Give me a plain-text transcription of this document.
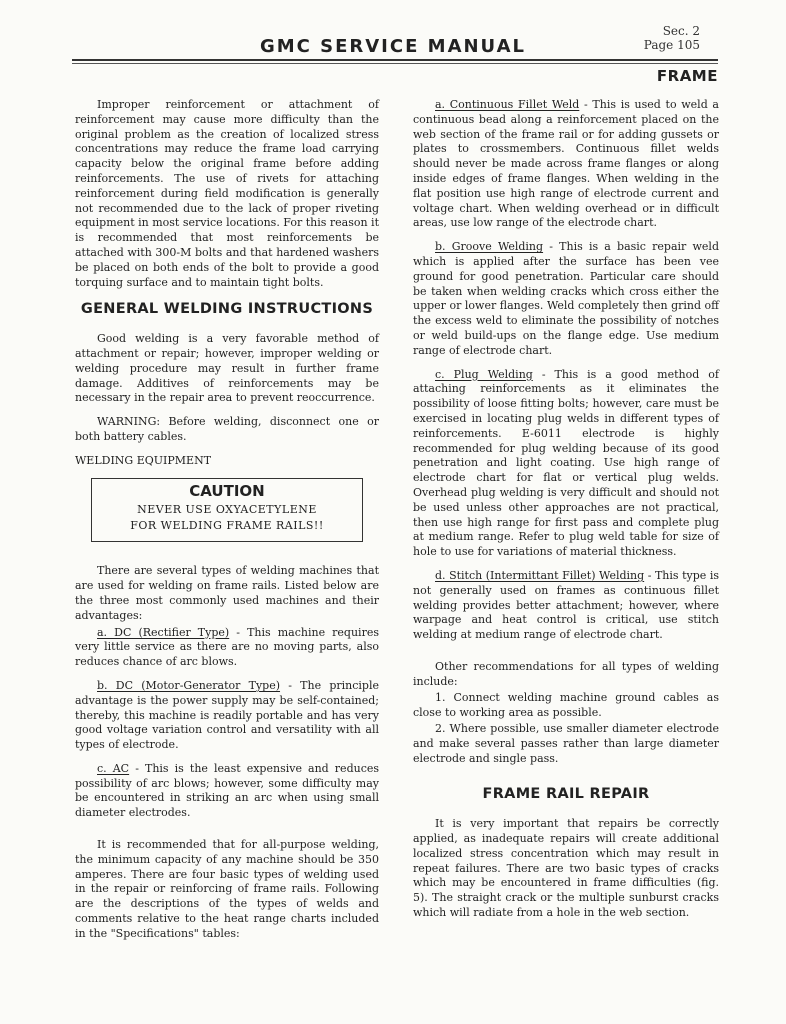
GMC SERVICE MANUAL
Sec. 2
Page 105
FRAME

Improper reinforcement or attachment of reinforcement may cause more difficulty than the original problem as the creation of localized stress concentrations may reduce the frame load carrying capacity below the original frame before adding reinforcements. The use of rivets for attaching reinforcement during field modification is generally not recommended due to the lack of proper riveting equipment in most service locations. For this reason it is recommended that most reinforcements be attached with 300-M bolts and that hardened washers be placed on both ends of the bolt to provide a good torquing surface and to maintain tight bolts.

GENERAL WELDING INSTRUCTIONS

Good welding is a very favorable method of attachment or repair; however, improper welding or welding procedure may result in further frame damage. Additives of reinforcements may be necessary in the repair area to prevent reoccurrence.

WARNING: Before welding, disconnect one or both battery cables.

WELDING EQUIPMENT

CAUTION
NEVER USE OXYACETYLENE
FOR WELDING FRAME RAILS!!

There are several types of welding machines that are used for welding on frame rails. Listed below are the three most commonly used machines and their advantages:

a. DC (Rectifier Type) - This machine requires very little service as there are no moving parts, also reduces chance of arc blows.

b. DC (Motor-Generator Type) - The principle advantage is the power supply may be self-contained; thereby, this machine is readily portable and has very good voltage variation control and versatility with all types of electrode.

c. AC - This is the least expensive and reduces possibility of arc blows; however, some difficulty may be encountered in striking an arc when using small diameter electrodes.

It is recommended that for all-purpose welding, the minimum capacity of any machine should be 350 amperes. There are four basic types of welding used in the repair or reinforcing of frame rails. Following are the descriptions of the types of welds and comments relative to the heat range charts included in the "Specifications" tables:

a. Continuous Fillet Weld - This is used to weld a continuous bead along a reinforcement placed on the web section of the frame rail or for adding gussets or plates to crossmembers. Continuous fillet welds should never be made across frame flanges or along inside edges of frame flanges. When welding in the flat position use high range of electrode current and voltage chart. When welding overhead or in difficult areas, use low range of the electrode chart.

b. Groove Welding - This is a basic repair weld which is applied after the surface has been vee ground for good penetration. Particular care should be taken when welding cracks which cross either the upper or lower flanges. Weld completely then grind off the excess weld to eliminate the possibility of notches or weld build-ups on the flange edge. Use medium range of electrode chart.

c. Plug Welding - This is a good method of attaching reinforcements as it eliminates the possibility of loose fitting bolts; however, care must be exercised in locating plug welds in different types of reinforcements. E-6011 electrode is highly recommended for plug welding because of its good penetration and light coating. Use high range of electrode chart for flat or vertical plug welds. Overhead plug welding is very difficult and should not be used unless other approaches are not practical, then use high range for first pass and complete plug at medium range. Refer to plug weld table for size of hole to use for variations of material thickness.

d. Stitch (Intermittant Fillet) Welding - This type is not generally used on frames as continuous fillet welding provides better attachment; however, where warpage and heat control is critical, use stitch welding at medium range of electrode chart.

Other recommendations for all types of welding include:

1. Connect welding machine ground cables as close to working area as possible.

2. Where possible, use smaller diameter electrode and make several passes rather than large diameter electrode and single pass.

FRAME RAIL REPAIR

It is very important that repairs be correctly applied, as inadequate repairs will create additional localized stress concentration which may result in repeat failures. There are two basic types of cracks which may be encountered in frame difficulties (fig. 5). The straight crack or the multiple sunburst cracks which will radiate from a hole in the web section.
